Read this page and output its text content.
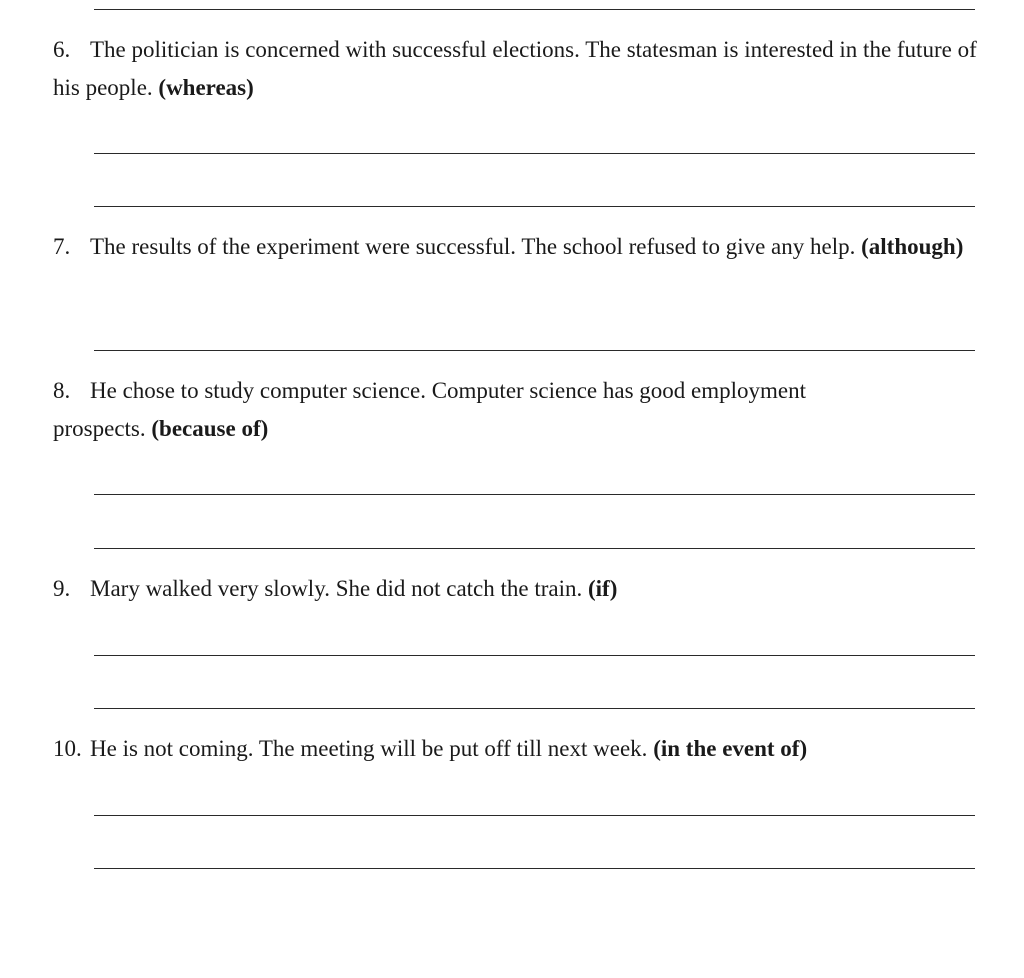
6. The politician is concerned with successful elections. The statesman is interested in the future of his people. (whereas)

7. The results of the experiment were successful. The school refused to give any help. (although)

8. He chose to study computer science. Computer science has good employment prospects. (because of)

9. Mary walked very slowly. She did not catch the train. (if)

10. He is not coming. The meeting will be put off till next week. (in the event of)
